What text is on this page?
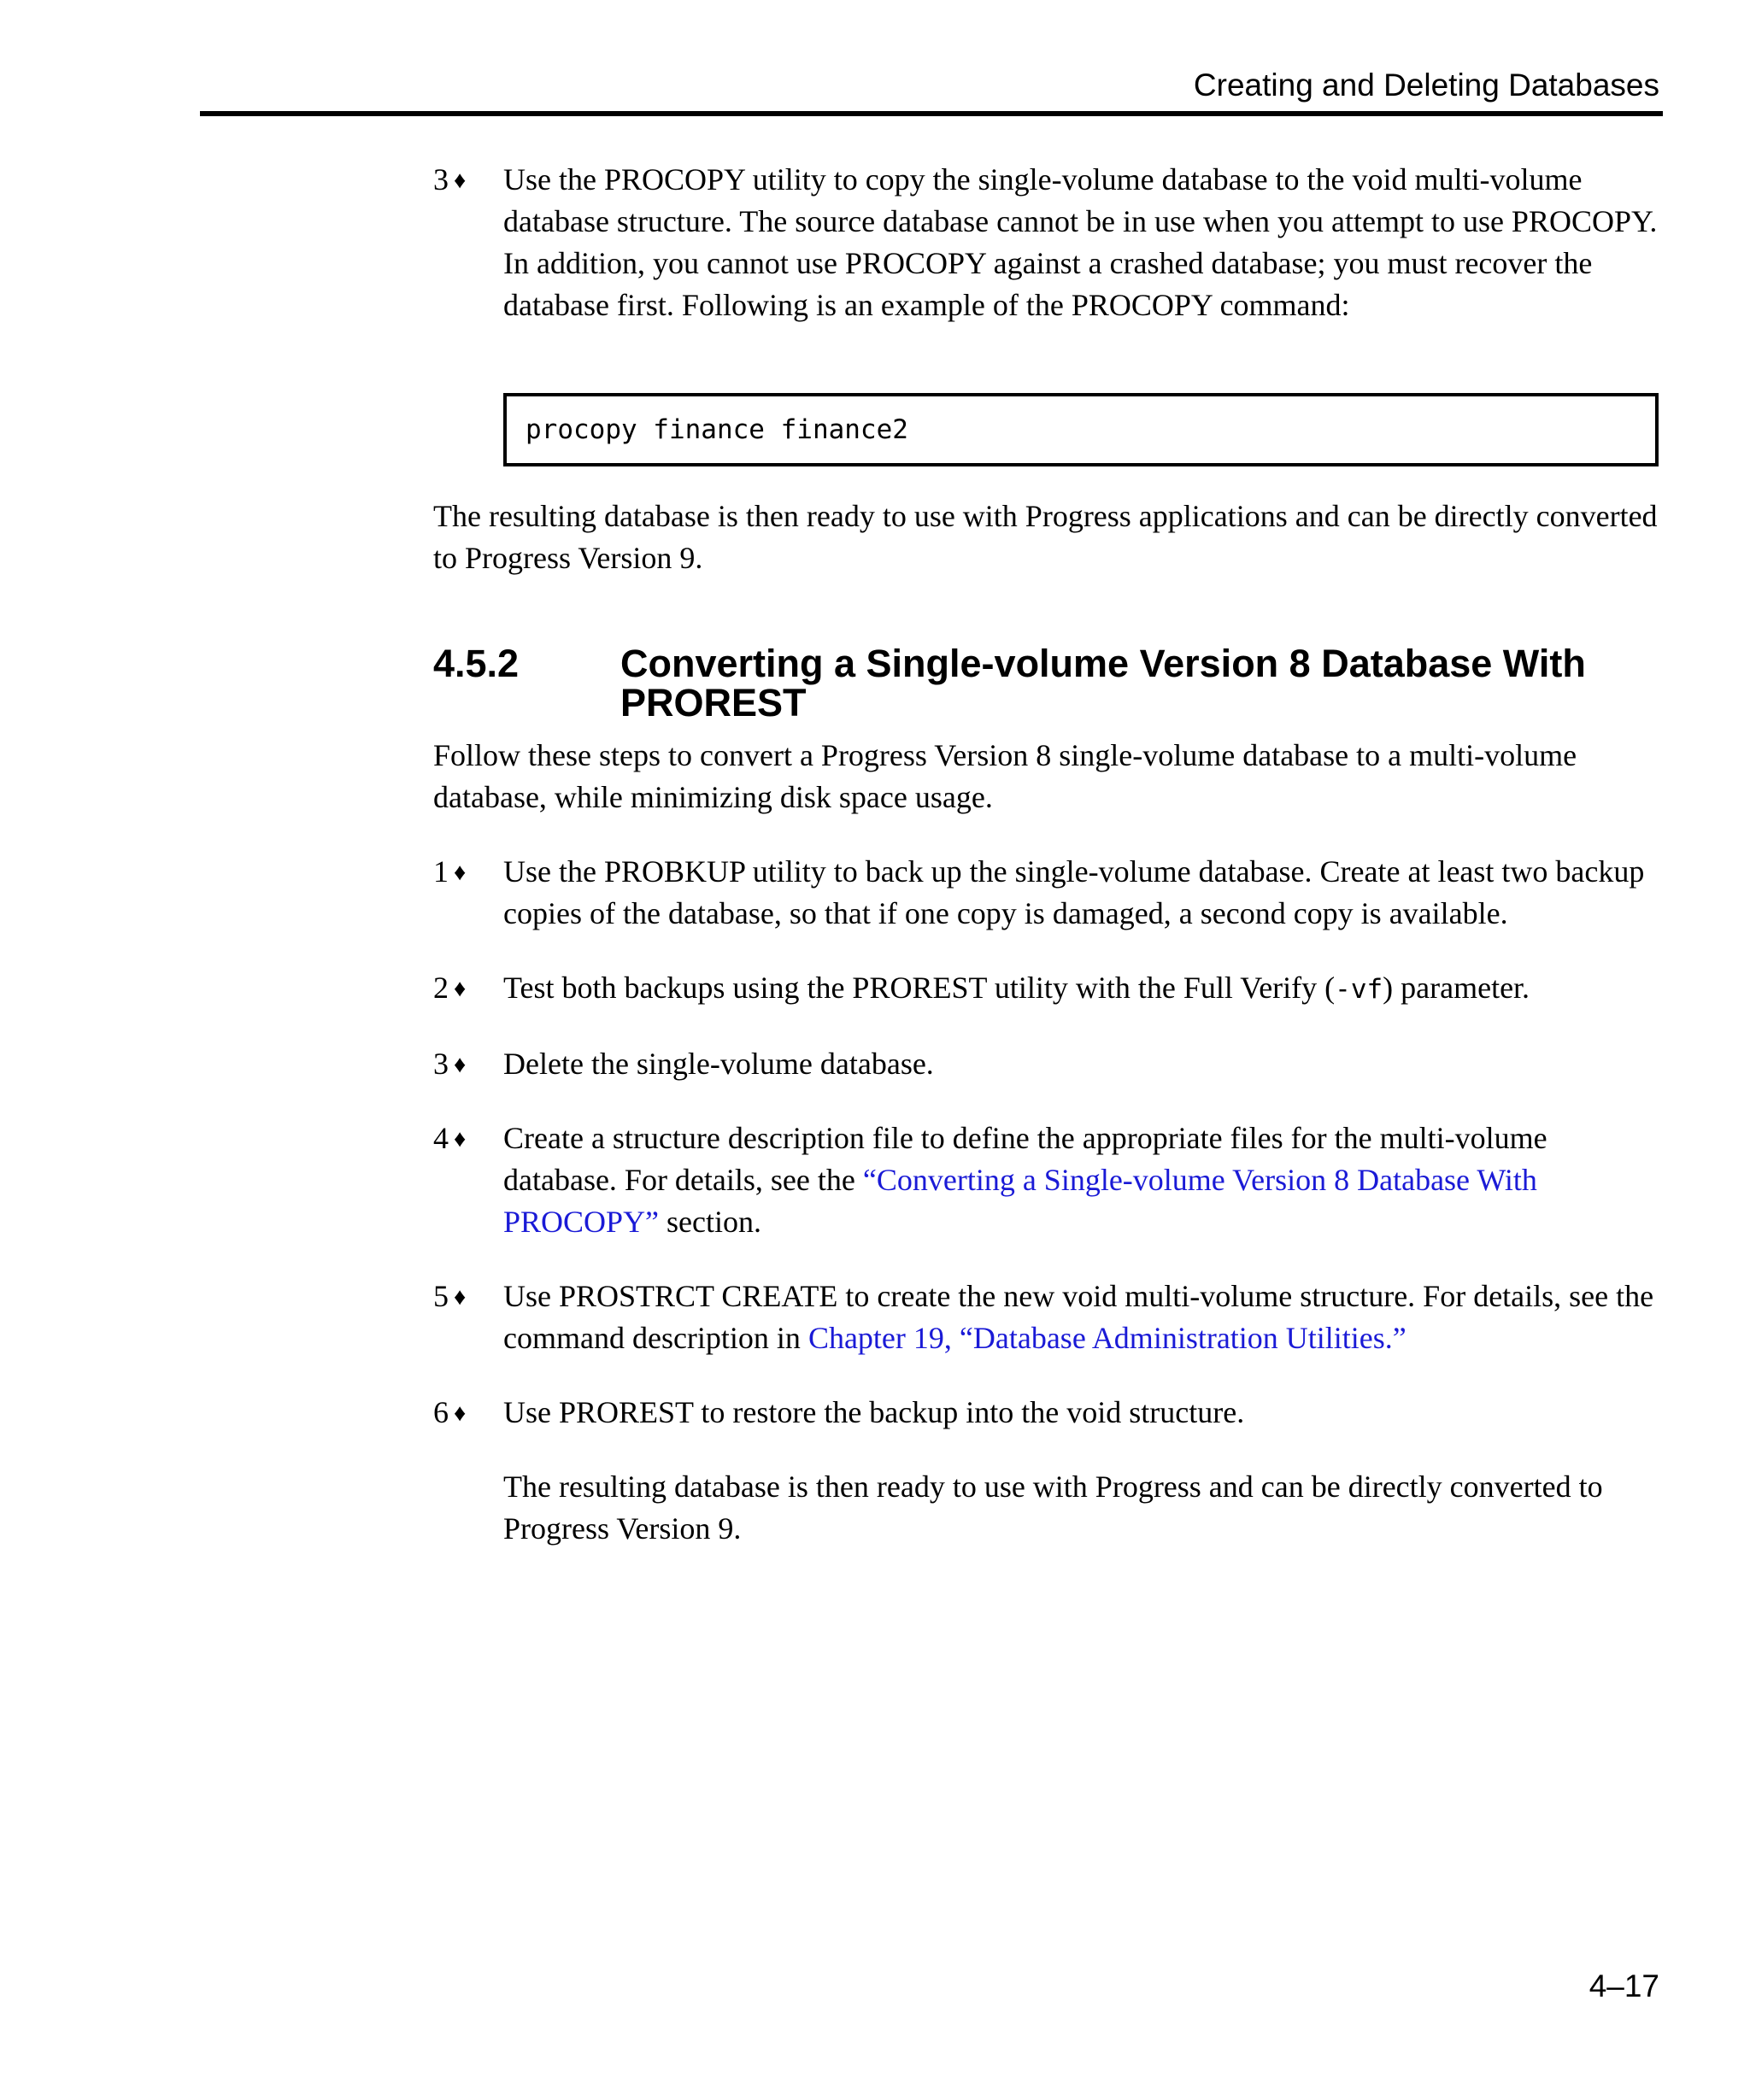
Creating and Deleting Databases
3 ♦ Use the PROCOPY utility to copy the single-volume database to the void multi-volume database structure. The source database cannot be in use when you attempt to use PROCOPY. In addition, you cannot use PROCOPY against a crashed database; you must recover the database first. Following is an example of the PROCOPY command:
procopy finance finance2

The resulting database is then ready to use with Progress applications and can be directly converted to Progress Version 9.

4.5.2	Converting a Single-volume Version 8 Database With PROREST

Follow these steps to convert a Progress Version 8 single-volume database to a multi-volume database, while minimizing disk space usage.

1 ♦ Use the PROBKUP utility to back up the single-volume database. Create at least two backup copies of the database, so that if one copy is damaged, a second copy is available.
2 ♦ Test both backups using the PROREST utility with the Full Verify (-vf) parameter.
3 ♦ Delete the single-volume database.
4 ♦ Create a structure description file to define the appropriate files for the multi-volume database. For details, see the “Converting a Single-volume Version 8 Database With PROCOPY” section.
5 ♦ Use PROSTRCT CREATE to create the new void multi-volume structure. For details, see the command description in Chapter 19, “Database Administration Utilities.”
6 ♦ Use PROREST to restore the backup into the void structure.

The resulting database is then ready to use with Progress and can be directly converted to Progress Version 9.

4–17
